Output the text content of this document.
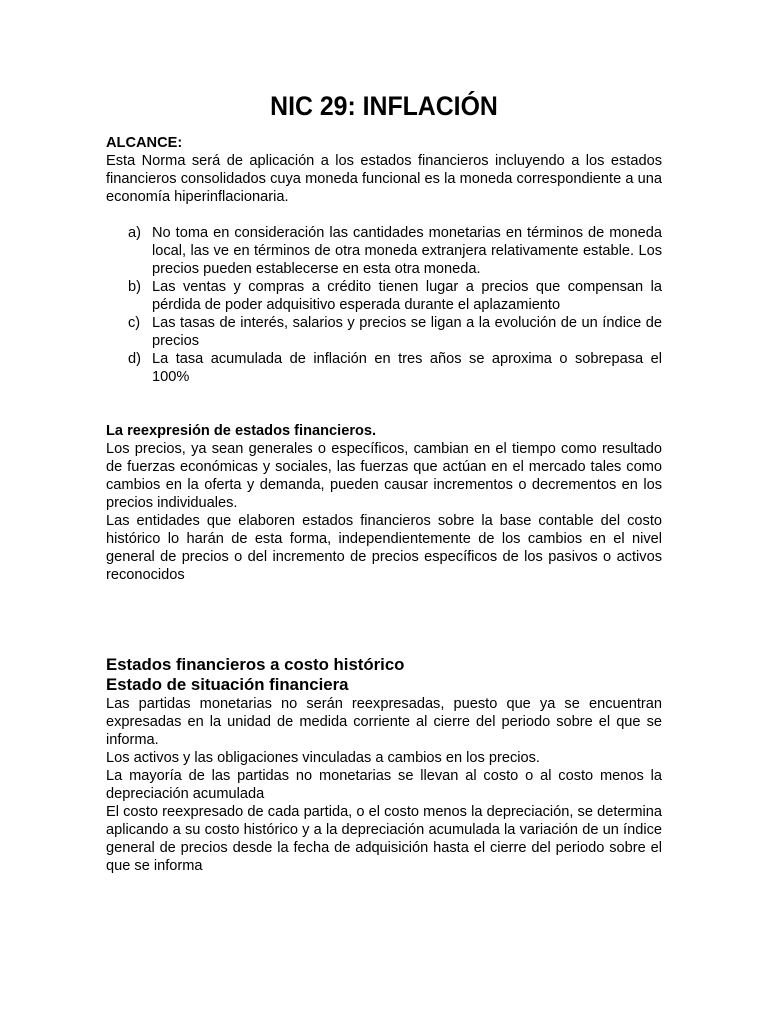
NIC 29: INFLACIÓN
ALCANCE:

Esta Norma será de aplicación a los estados financieros incluyendo a los estados financieros consolidados cuya moneda funcional es la moneda correspondiente a una economía hiperinflacionaria.

a) No toma en consideración las cantidades monetarias en términos de moneda local, las ve en términos de otra moneda extranjera relativamente estable. Los precios pueden establecerse en esta otra moneda.
b) Las ventas y compras a crédito tienen lugar a precios que compensan la pérdida de poder adquisitivo esperada durante el aplazamiento
c) Las tasas de interés, salarios y precios se ligan a la evolución de un índice de precios
d) La tasa acumulada de inflación en tres años se aproxima o sobrepasa el 100%
La reexpresión de estados financieros.

Los precios, ya sean generales o específicos, cambian en el tiempo como resultado de fuerzas económicas y sociales, las fuerzas que actúan en el mercado tales como cambios en la oferta y demanda, pueden causar incrementos o decrementos en los precios individuales.

Las entidades que elaboren estados financieros sobre la base contable del costo histórico lo harán de esta forma, independientemente de los cambios en el nivel general de precios o del incremento de precios específicos de los pasivos o activos reconocidos

Estados financieros a costo histórico
Estado de situación financiera

Las partidas monetarias no serán reexpresadas, puesto que ya se encuentran expresadas en la unidad de medida corriente al cierre del periodo sobre el que se informa.

Los activos y las obligaciones vinculadas a cambios en los precios.

La mayoría de las partidas no monetarias se llevan al costo o al costo menos la depreciación acumulada

El costo reexpresado de cada partida, o el costo menos la depreciación, se determina aplicando a su costo histórico y a la depreciación acumulada la variación de un índice general de precios desde la fecha de adquisición hasta el cierre del periodo sobre el que se informa
